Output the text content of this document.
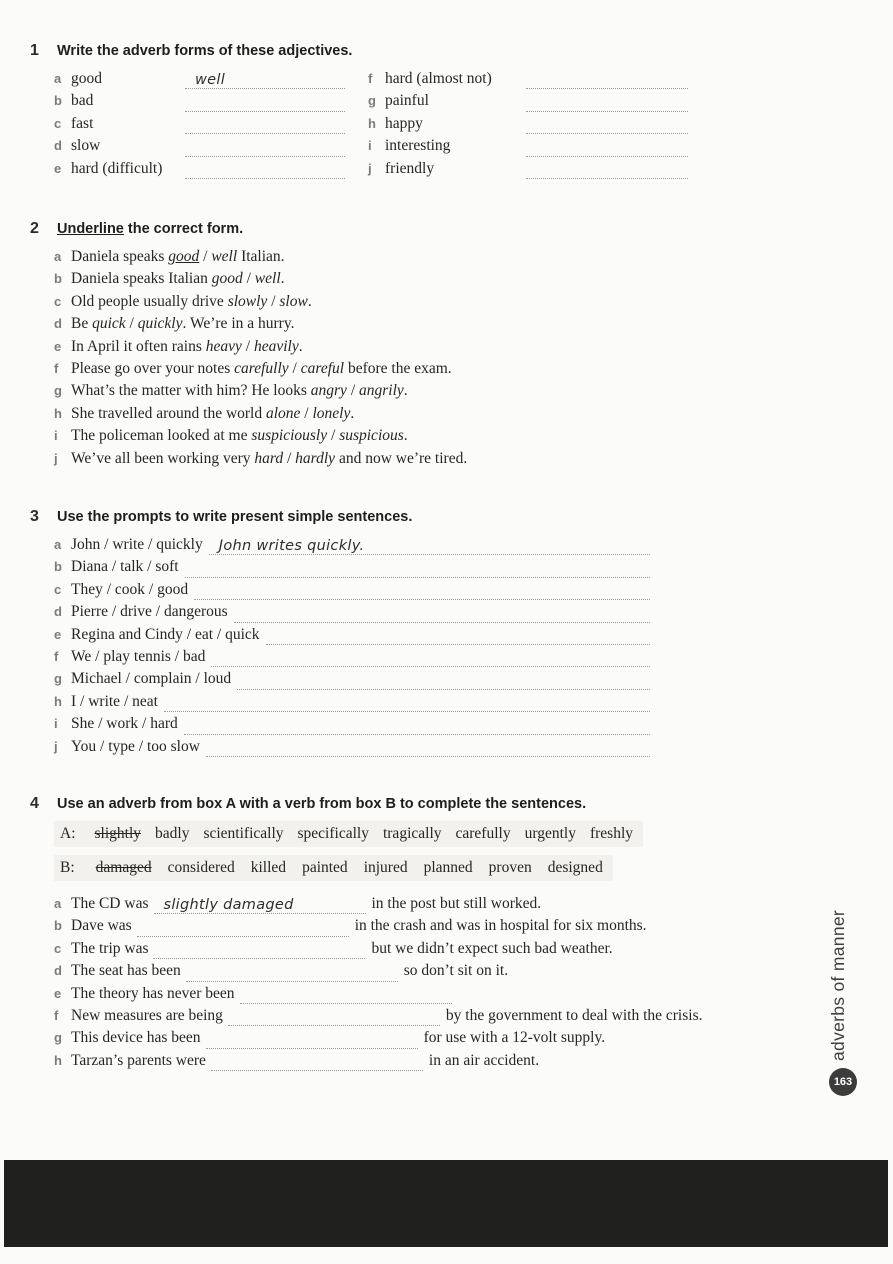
1	Write the adverb forms of these adjectives.
a good	well
b bad
c fast
d slow
e hard (difficult)
f hard (almost not)
g painful
h happy
i interesting
j friendly
2	Underline the correct form.
a Daniela speaks good / well Italian.
b Daniela speaks Italian good / well.
c Old people usually drive slowly / slow.
d Be quick / quickly. We’re in a hurry.
e In April it often rains heavy / heavily.
f Please go over your notes carefully / careful before the exam.
g What’s the matter with him? He looks angry / angrily.
h She travelled around the world alone / lonely.
i The policeman looked at me suspiciously / suspicious.
j We’ve all been working very hard / hardly and now we’re tired.
3	Use the prompts to write present simple sentences.
a John / write / quickly	John writes quickly.
b Diana / talk / soft
c They / cook / good
d Pierre / drive / dangerous
e Regina and Cindy / eat / quick
f We / play tennis / bad
g Michael / complain / loud
h I / write / neat
i She / work / hard
j You / type / too slow
4	Use an adverb from box A with a verb from box B to complete the sentences.
A:	slightly badly scientifically specifically tragically carefully urgently freshly
B:	damaged considered killed painted injured planned proven designed
a The CD was	slightly damaged	in the post but still worked.
b Dave was	in the crash and was in hospital for six months.
c The trip was	but we didn’t expect such bad weather.
d The seat has been	so don’t sit on it.
e The theory has never been
f New measures are being	by the government to deal with the crisis.
g This device has been	for use with a 12-volt supply.
h Tarzan’s parents were	in an air accident.	adverbs of manner
163
